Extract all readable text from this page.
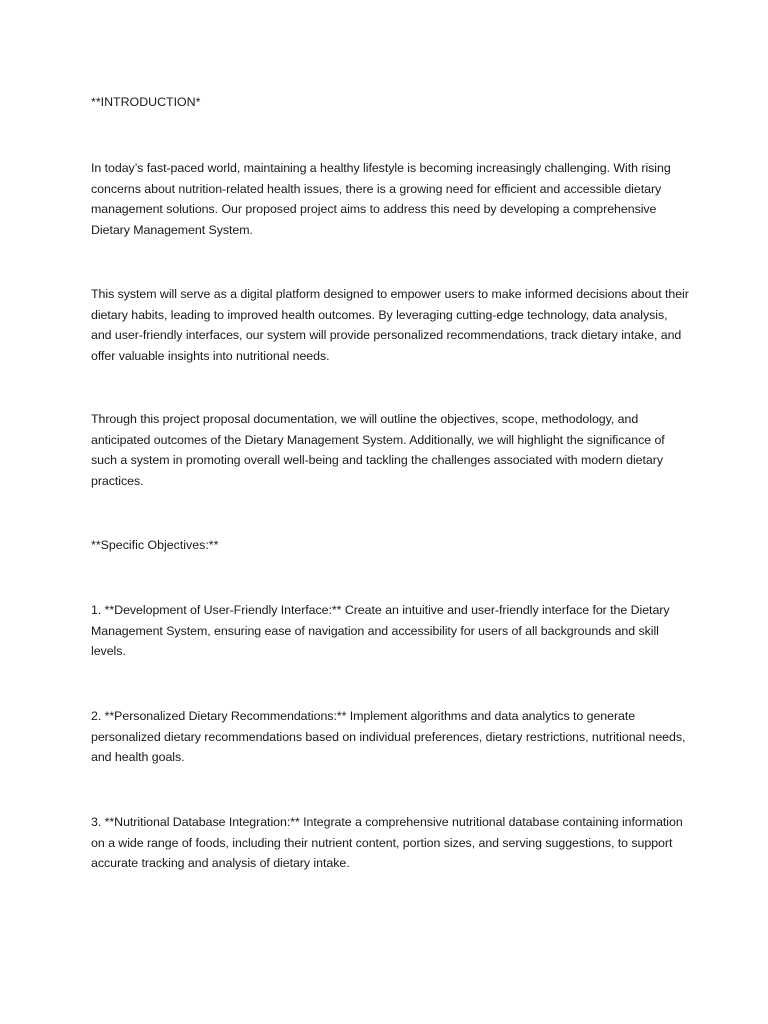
**INTRODUCTION*

In today’s fast-paced world, maintaining a healthy lifestyle is becoming increasingly challenging. With rising concerns about nutrition-related health issues, there is a growing need for efficient and accessible dietary management solutions. Our proposed project aims to address this need by developing a comprehensive Dietary Management System.

This system will serve as a digital platform designed to empower users to make informed decisions about their dietary habits, leading to improved health outcomes. By leveraging cutting-edge technology, data analysis, and user-friendly interfaces, our system will provide personalized recommendations, track dietary intake, and offer valuable insights into nutritional needs.

Through this project proposal documentation, we will outline the objectives, scope, methodology, and anticipated outcomes of the Dietary Management System. Additionally, we will highlight the significance of such a system in promoting overall well-being and tackling the challenges associated with modern dietary practices.

**Specific Objectives:**

1. **Development of User-Friendly Interface:** Create an intuitive and user-friendly interface for the Dietary Management System, ensuring ease of navigation and accessibility for users of all backgrounds and skill levels.

2. **Personalized Dietary Recommendations:** Implement algorithms and data analytics to generate personalized dietary recommendations based on individual preferences, dietary restrictions, nutritional needs, and health goals.

3. **Nutritional Database Integration:** Integrate a comprehensive nutritional database containing information on a wide range of foods, including their nutrient content, portion sizes, and serving suggestions, to support accurate tracking and analysis of dietary intake.
